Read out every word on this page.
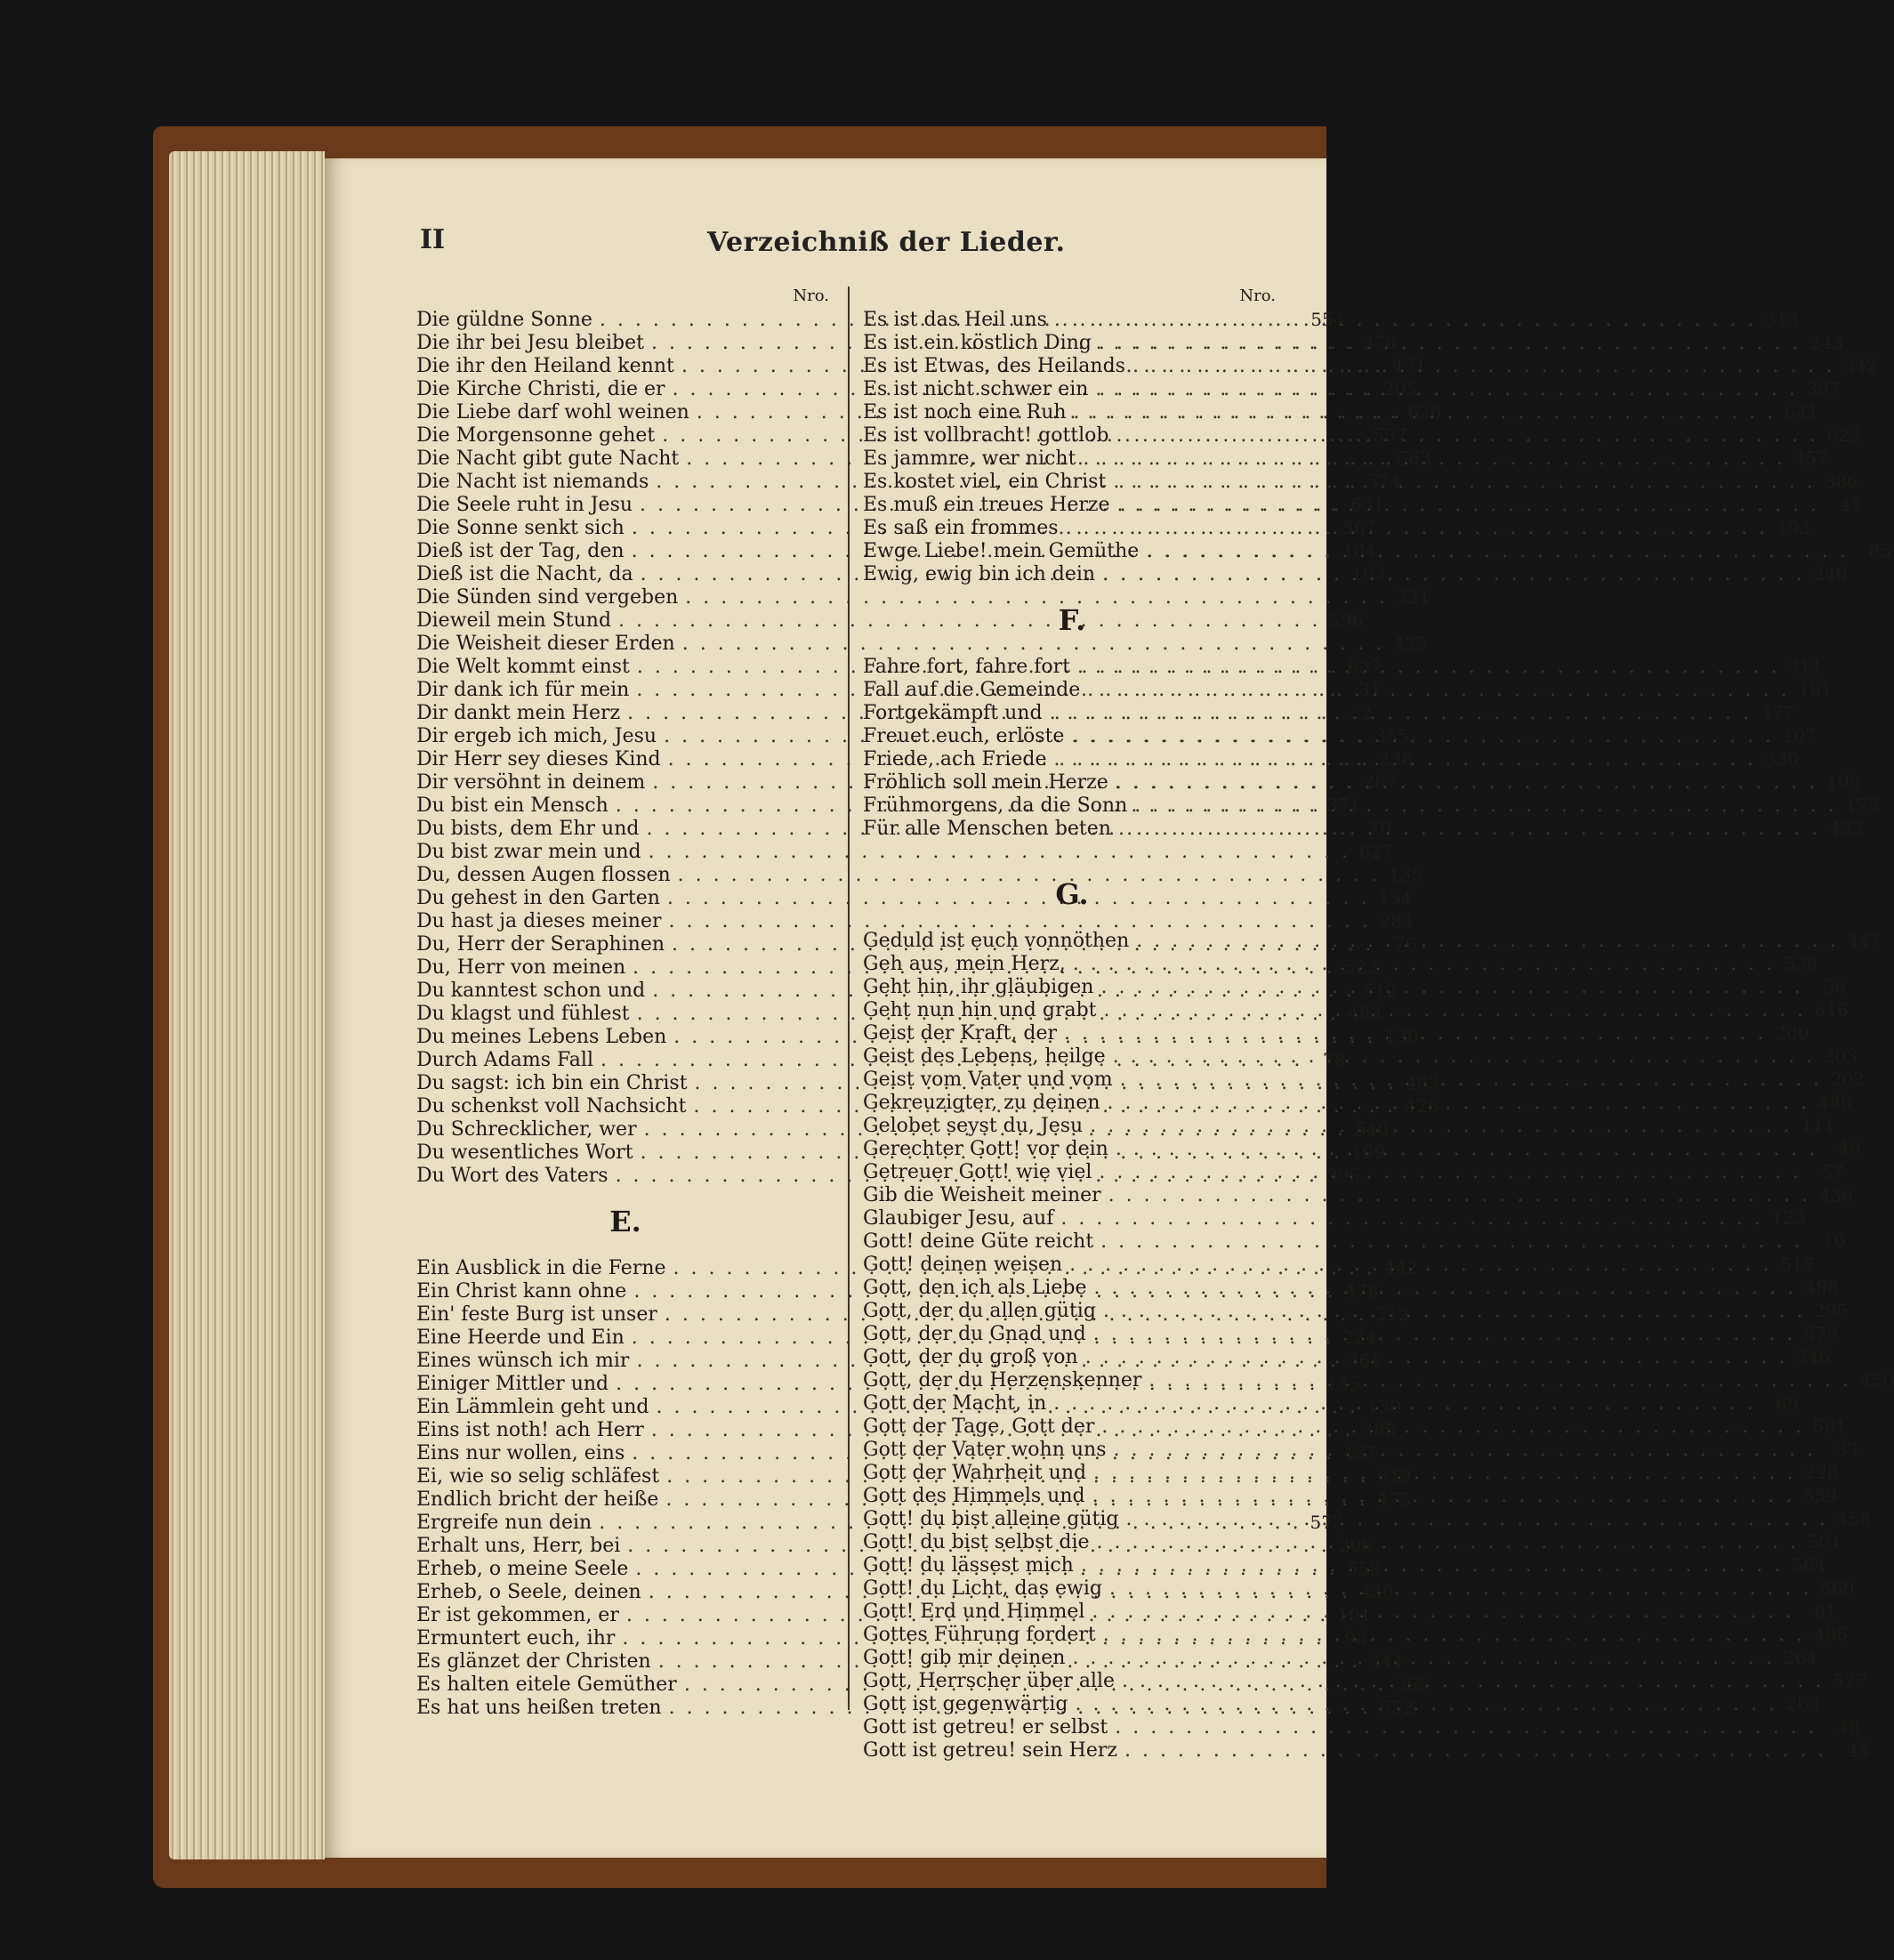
II	Verzeichniß der Lieder.
Nro.
Die güldne Sonne . . .	554
Die ihr bei Jesu bleibet . . .	376
Die ihr den Heiland kennt . . .	471
Die Kirche Christi, die er . . .	205
Die Liebe darf wohl weinen . . .	626
Die Morgensonne gehet . . .	557
Die Nacht gibt gute Nacht . . .	563
Die Nacht ist niemands . . .	574
Die Seele ruht in Jesu . . .	631
Die Sonne senkt sich . . .	567
Dieß ist der Tag, den . . .	104
Dieß ist die Nacht, da . . .	103
Die Sünden sind vergeben . . .	321
Dieweil mein Stund . . .	596
Die Weisheit dieser Erden . . .	435
Die Welt kommt einst . . .	637
Dir dank ich für mein . . .	31
Dir dankt mein Herz . . .	32
Dir ergeb ich mich, Jesu . . .	355
Dir Herr sey dieses Kind . . .	238
Dir versöhnt in deinem . . .	267
Du bist ein Mensch . . .	371
Du bists, dem Ehr und . . .	70
Du bist zwar mein und . . .	627
Du, dessen Augen flossen . . .	135
Du gehest in den Garten . . .	134
Du hast ja dieses meiner . . .	284
Du, Herr der Seraphinen . . .	76
Du, Herr von meinen . . .	522
Du kanntest schon und . . .	512
Du klagst und fühlest . . .	483
Du meines Lebens Leben . . .	130
Durch Adams Fall . . .	78
Du sagst: ich bin ein Christ . . .	403
Du schenkst voll Nachsicht . . .	426
Du Schrecklicher, wer . . .	540
Du wesentliches Wort . . .	109
Du Wort des Vaters . . .	395
E.
Ein Ausblick in die Ferne . . .	442
Ein Christ kann ohne . . .	478
Ein' feste Burg ist unser . . .	212
Eine Heerde und Ein . . .	224
Eines wünsch ich mir . . .	361
Einiger Mittler und . . .	145
Ein Lämmlein geht und . . .	130
Eins ist noth! ach Herr . . .	385
Eins nur wollen, eins . . .	437
Ei, wie so selig schläfest . . .	619
Endlich bricht der heiße . . .	475
Ergreife nun dein . . .	573
Erhalt uns, Herr, bei . . .	206
Erheb, o meine Seele . . .	558
Erheb, o Seele, deinen . . .	420
Er ist gekommen, er . . .	101
Ermuntert euch, ihr . . .	98
Es glänzet der Christen . . .	344
Es halten eitele Gemüther . . .	365
Es hat uns heißen treten . . .	552
Nro.
Es ist das Heil uns . . .	313
Es ist ein köstlich Ding . . .	243
Es ist Etwas, des Heilands . . .	342
Es ist nicht schwer ein . . .	387
Es ist noch eine Ruh . . .	641
Es ist vollbracht! gottlob . . .	622
Es jammre, wer nicht . . .	457
Es kostet viel, ein Christ . . .	386
Es muß ein treues Herze . . .	47
Es saß ein frommes . . .	193
Ewge Liebe! mein Gemüthe . . .	85
Ewig, ewig bin ich dein . . .	240
F.
Fahre fort, fahre fort . . .	211
Fall auf die Gemeinde . . .	161
Fortgekämpft und . . .	477
Freuet euch, erlöste . . .	107
Friede, ach Friede . . .	330
Fröhlich soll mein Herze . . .	105
Frühmorgens, da die Sonn . . .	173
Für alle Menschen beten . . .	433
G.
Geduld ist euch vonnöthen . . .	447
Geh aus, mein Herz, . . .	538
Geht hin, ihr gläubigen . . .	56
Geht nun hin und grabt . . .	616
Geist der Kraft, der . . .	200
Geist des Lebens, heilge . . .	203
Geist vom Vater und vom . . .	202
Gekreuzigter, zu deinen . . .	480
Gelobet seyst du, Jesu . . .	111
Gerechter Gott! vor dein . . .	49
Getreuer Gott! wie viel . . .	57
Gib die Weisheit meiner . . .	436
Glaubiger Jesu, auf . . .	123
Gott! deine Güte reicht . . .	10
Gott! deinen weisen . . .	517
Gott, den ich als Liebe . . .	488
Gott, der du allen gütig . . .	295
Gott, der du Gnad und . . .	579
Gott, der du groß von . . .	546
Gott, der du Herzenskenner . . .	450
Gott der Macht, in . . .	69
Gott der Tage, Gott der . . .	581
Gott der Vater wohn uns . . .	33
Gott der Wahrheit und . . .	228
Gott des Himmels und . . .	559
Gott! du bist alleine gütig . . .	458
Gott! du bist selbst die . . .	501
Gott! du lässest mich . . .	564
Gott! du Licht, das ewig . . .	560
Gott! Erd und Himmel . . .	61
Gottes Führung fordert . . .	496
Gott! gib mir deinen . . .	264
Gott, Herrscher über alle . . .	527
Gott ist gegenwärtig . . .	263
Gott ist getreu! er selbst . . .	46
Gott ist getreu! sein Herz . . .	45
